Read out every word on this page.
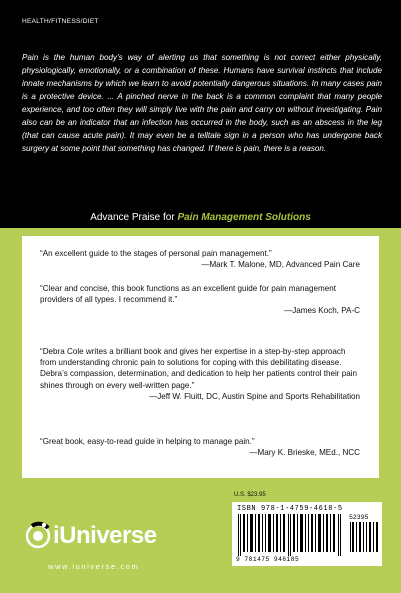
HEALTH/FITNESS/DIET

Pain is the human body’s way of alerting us that something is not correct either physically, physiologically, emotionally, or a combination of these. Humans have survival instincts that include innate mechanisms by which we learn to avoid potentially dangerous situations. In many cases pain is a protective device. ... A pinched nerve in the back is a common complaint that many people experience, and too often they will simply live with the pain and carry on without investigating. Pain also can be an indicator that an infection has occurred in the body, such as an abscess in the leg (that can cause acute pain). It may even be a telltale sign in a person who has undergone back surgery at some point that something has changed. If there is pain, there is a reason.

Advance Praise for Pain Management Solutions

“An excellent guide to the stages of personal pain management.”

—Mark T. Malone, MD, Advanced Pain Care

“Clear and concise, this book functions as an excellent guide for pain management providers of all types. I recommend it.”

—James Koch, PA-C

“Debra Cole writes a brilliant book and gives her expertise in a step-by-step approach from understanding chronic pain to solutions for coping with this debilitating disease. Debra’s compassion, determination, and dedication to help her patients control their pain shines through on every well-written page.”

—Jeff W. Fluitt, DC, Austin Spine and Sports Rehabilitation

“Great book, easy-to-read guide in helping to manage pain.”

—Mary K. Brieske, MEd., NCC

U.S. $23.95
ISBN 978-1-4759-4618-5
52395
9 781475 946185
iUniverse
www.iuniverse.com
